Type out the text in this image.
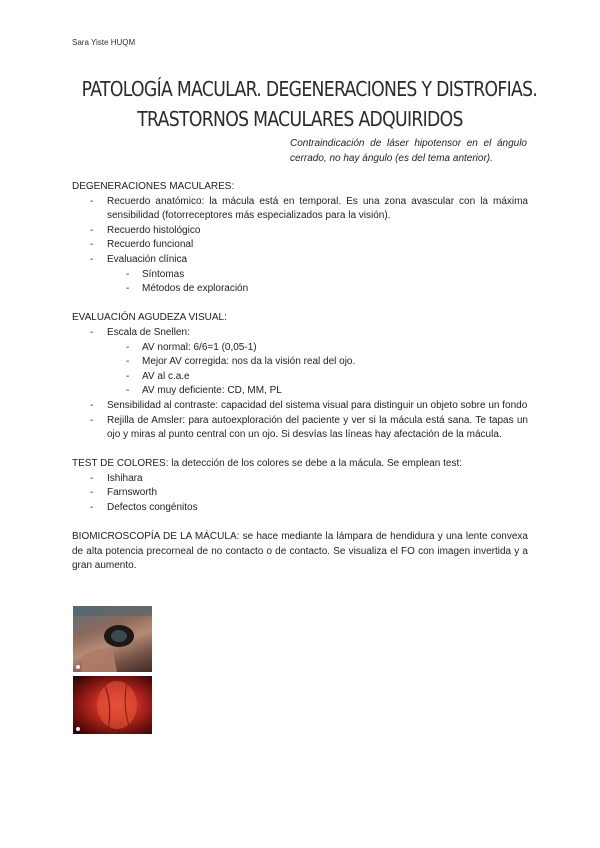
Sara Yiste HUQM
PATOLOGÍA MACULAR. DEGENERACIONES Y DISTROFIAS.
TRASTORNOS MACULARES ADQUIRIDOS
Contraindicación de láser hipotensor en el ángulo cerrado, no hay ángulo (es del tema anterior).

DEGENERACIONES MACULARES:

- Recuerdo anatómico: la mácula está en temporal. Es una zona avascular con la máxima sensibilidad (fotorreceptores más especializados para la visión).
- Recuerdo histológico
- Recuerdo funcional
- Evaluación clínica
- Síntomas
- Métodos de exploración

EVALUACIÓN AGUDEZA VISUAL:

- Escala de Snellen:
- AV normal: 6/6=1 (0,05-1)
- Mejor AV corregida: nos da la visión real del ojo.
- AV al c.a.e
- AV muy deficiente: CD, MM, PL
- Sensibilidad al contraste: capacidad del sistema visual para distinguir un objeto sobre un fondo
- Rejilla de Amsler: para autoexploración del paciente y ver si la mácula está sana. Te tapas un ojo y miras al punto central con un ojo. Si desvías las líneas hay afectación de la mácula.

TEST DE COLORES: la detección de los colores se debe a la mácula. Se emplean test:

- Ishihara
- Farnsworth
- Defectos congénitos

BIOMICROSCOPÍA DE LA MÁCULA: se hace mediante la lámpara de hendidura y una lente convexa de alta potencia precorneal de no contacto o de contacto. Se visualiza el FO con imagen invertida y a gran aumento.
